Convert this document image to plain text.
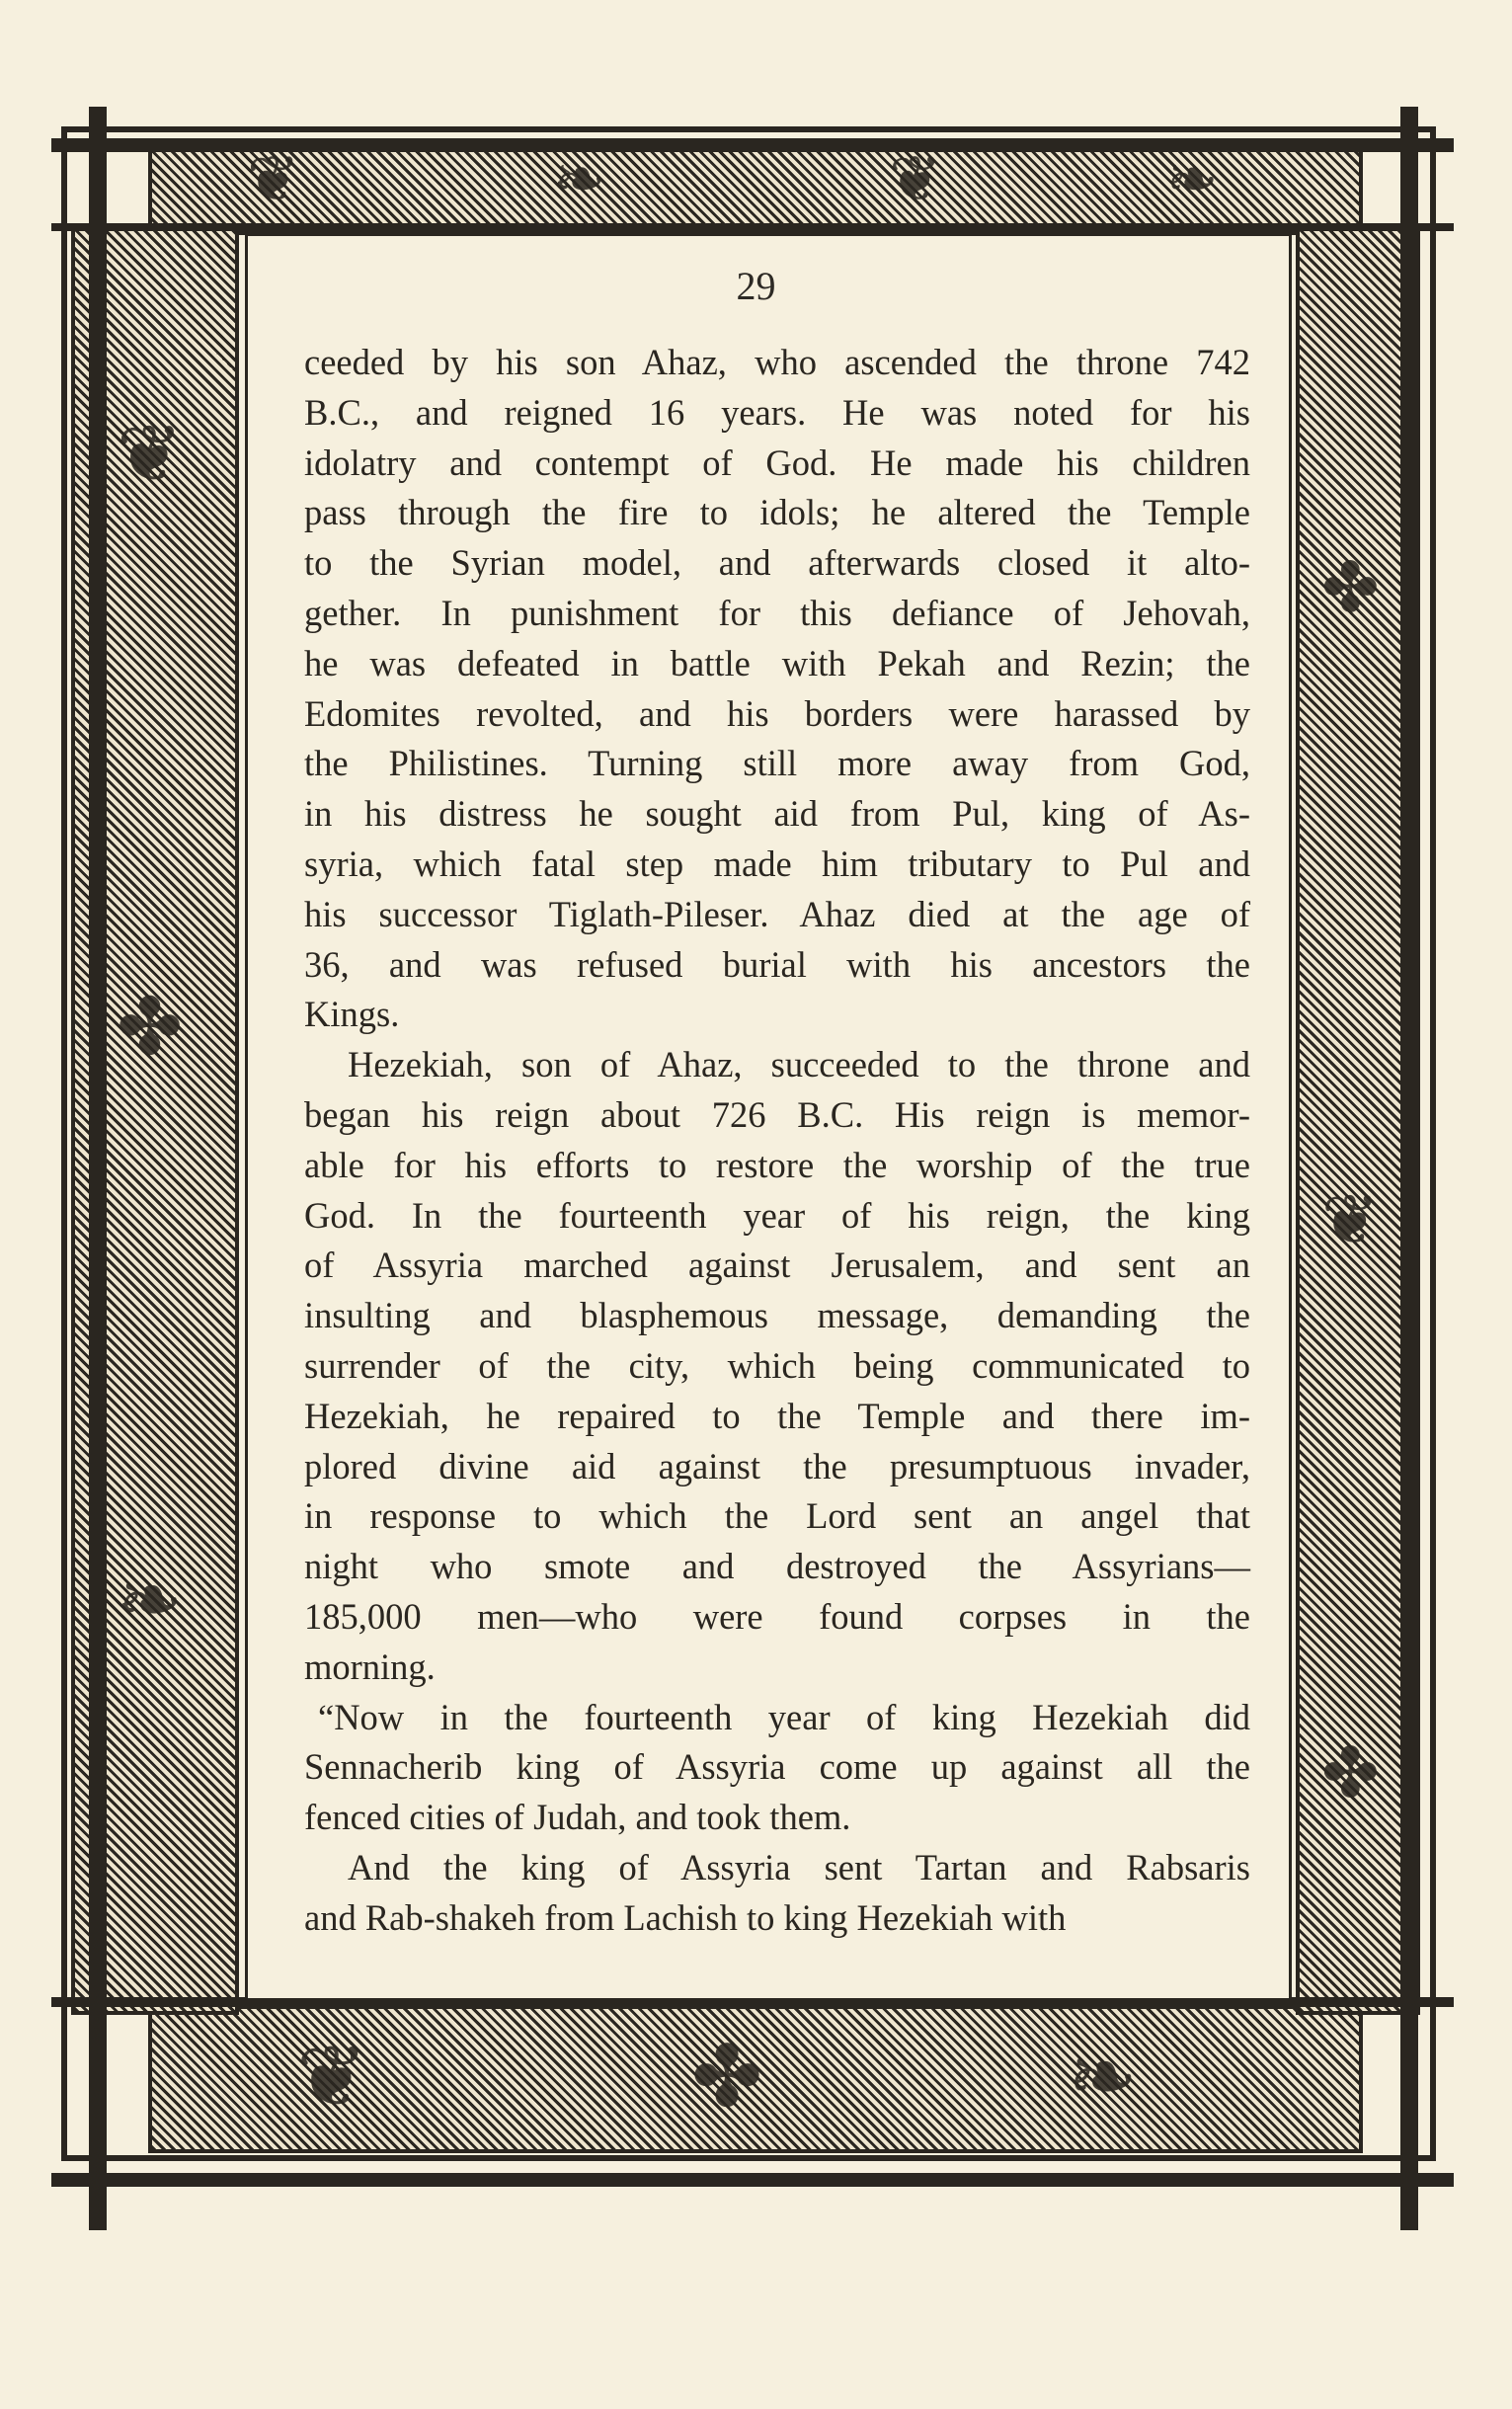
❦	❧	❦	❧
❦	✤	❧
❦
✤
❧
✤
❦
✤
29
ceeded by his son Ahaz, who ascended the throne 742
B.C., and reigned 16 years. He was noted for his
idolatry and contempt of God. He made his children
pass through the fire to idols; he altered the Temple
to the Syrian model, and afterwards closed it alto-
gether. In punishment for this defiance of Jehovah,
he was defeated in battle with Pekah and Rezin; the
Edomites revolted, and his borders were harassed by
the Philistines. Turning still more away from God,
in his distress he sought aid from Pul, king of As-
syria, which fatal step made him tributary to Pul and
his successor Tiglath-Pileser. Ahaz died at the age of
36, and was refused burial with his ancestors the
Kings.
Hezekiah, son of Ahaz, succeeded to the throne and
began his reign about 726 B.C. His reign is memor-
able for his efforts to restore the worship of the true
God. In the fourteenth year of his reign, the king
of Assyria marched against Jerusalem, and sent an
insulting and blasphemous message, demanding the
surrender of the city, which being communicated to
Hezekiah, he repaired to the Temple and there im-
plored divine aid against the presumptuous invader,
in response to which the Lord sent an angel that
night who smote and destroyed the Assyrians—
185,000 men—who were found corpses in the
morning.
“Now in the fourteenth year of king Hezekiah did
Sennacherib king of Assyria come up against all the
fenced cities of Judah, and took them.
And the king of Assyria sent Tartan and Rabsaris
and Rab-shakeh from Lachish to king Hezekiah with
